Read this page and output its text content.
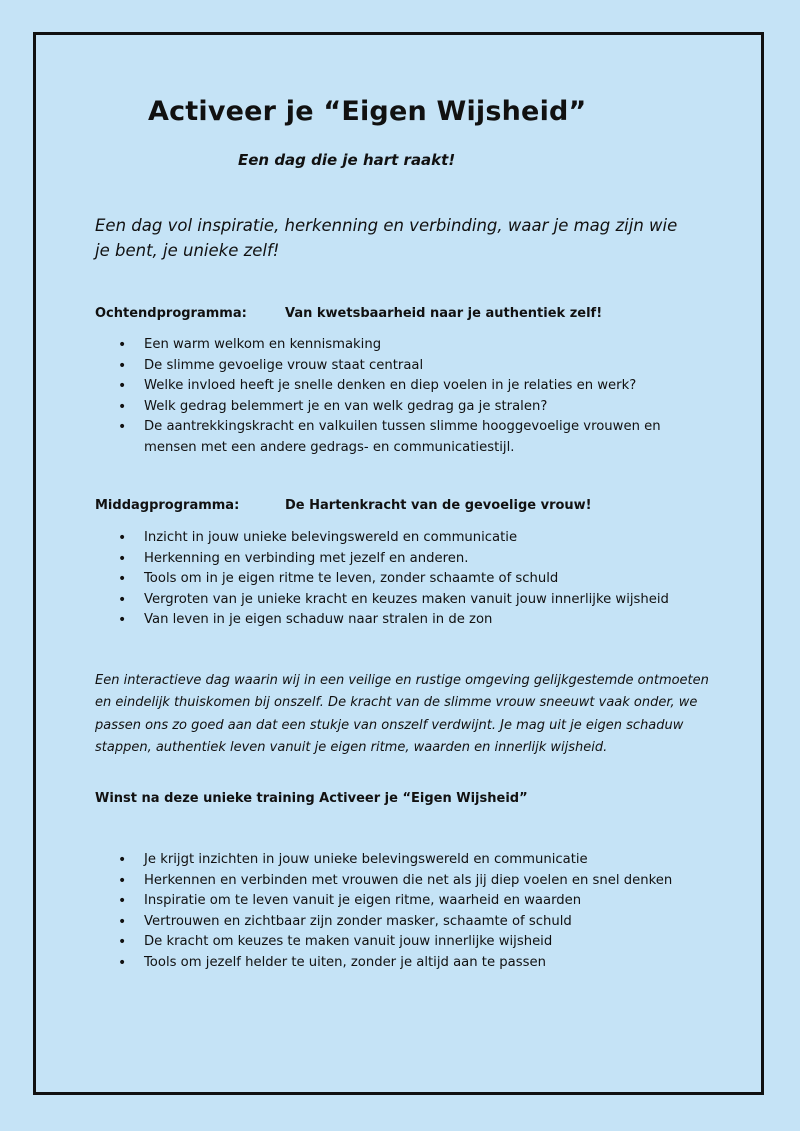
Activeer je “Eigen Wijsheid”
Een dag die je hart raakt!

Een dag vol inspiratie, herkenning en verbinding, waar je mag zijn wie je bent, je unieke zelf!

Ochtendprogramma:	Van kwetsbaarheid naar je authentiek zelf!
• Een warm welkom en kennismaking
• De slimme gevoelige vrouw staat centraal
• Welke invloed heeft je snelle denken en diep voelen in je relaties en werk?
• Welk gedrag belemmert je en van welk gedrag ga je stralen?
• De aantrekkingskracht en valkuilen tussen slimme hooggevoelige vrouwen en mensen met een andere gedrags- en communicatiestijl.
Middagprogramma:	De Hartenkracht van de gevoelige vrouw!
• Inzicht in jouw unieke belevingswereld en communicatie
• Herkenning en verbinding met jezelf en anderen.
• Tools om in je eigen ritme te leven, zonder schaamte of schuld
• Vergroten van je unieke kracht en keuzes maken vanuit jouw innerlijke wijsheid
• Van leven in je eigen schaduw naar stralen in de zon

Een interactieve dag waarin wij in een veilige en rustige omgeving gelijkgestemde ontmoeten en eindelijk thuiskomen bij onszelf. De kracht van de slimme vrouw sneeuwt vaak onder, we passen ons zo goed aan dat een stukje van onszelf verdwijnt. Je mag uit je eigen schaduw stappen, authentiek leven vanuit je eigen ritme, waarden en innerlijk wijsheid.

Winst na deze unieke training Activeer je “Eigen Wijsheid”
• Je krijgt inzichten in jouw unieke belevingswereld en communicatie
• Herkennen en verbinden met vrouwen die net als jij diep voelen en snel denken
• Inspiratie om te leven vanuit je eigen ritme, waarheid en waarden
• Vertrouwen en zichtbaar zijn zonder masker, schaamte of schuld
• De kracht om keuzes te maken vanuit jouw innerlijke wijsheid
• Tools om jezelf helder te uiten, zonder je altijd aan te passen
